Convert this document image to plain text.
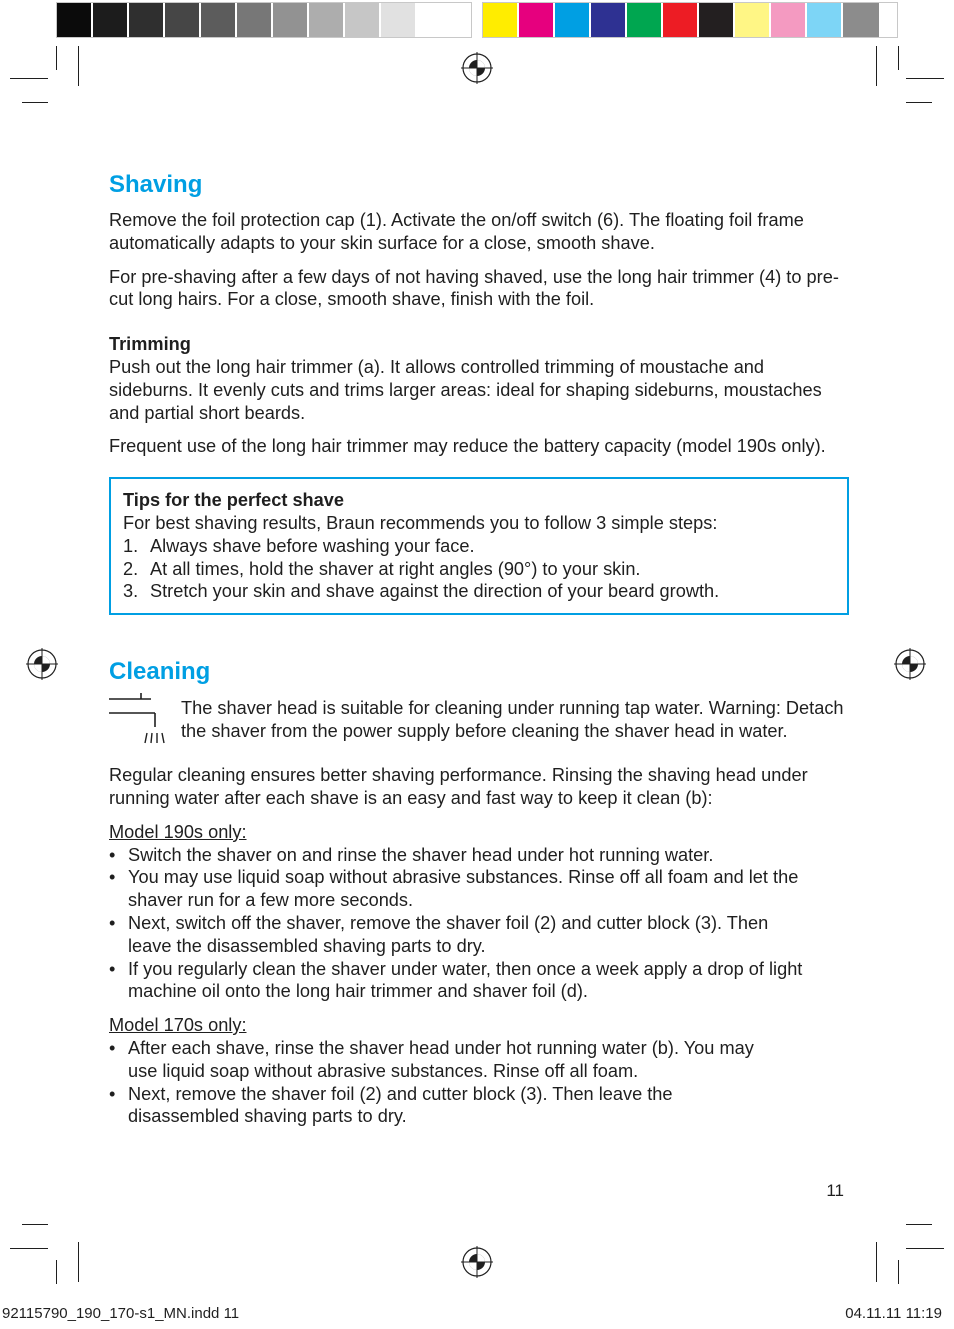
Shaving

Remove the foil protection cap (1). Activate the on/off switch (6). The floating foil frame automatically adapts to your skin surface for a close, smooth shave.

For pre-shaving after a few days of not having shaved, use the long hair trimmer (4) to pre-cut long hairs. For a close, smooth shave, finish with the foil.

Trimming

Push out the long hair trimmer (a). It allows controlled trimming of moustache and sideburns. It evenly cuts and trims larger areas: ideal for shaping sideburns, moustaches and partial short beards.

Frequent use of the long hair trimmer may reduce the battery capacity (model 190s only).

Tips for the perfect shave

For best shaving results, Braun recommends you to follow 3 simple steps:

1. Always shave before washing your face.
2. At all times, hold the shaver at right angles (90°) to your skin.
3. Stretch your skin and shave against the direction of your beard growth.
Cleaning

The shaver head is suitable for cleaning under running tap water. Warning: Detach the shaver from the power supply before cleaning the shaver head in water.

Regular cleaning ensures better shaving performance. Rinsing the shaving head under running water after each shave is an easy and fast way to keep it clean (b):

Model 190s only:

• Switch the shaver on and rinse the shaver head under hot running water.
• You may use liquid soap without abrasive substances. Rinse off all foam and let the shaver run for a few more seconds.
• Next, switch off the shaver, remove the shaver foil (2) and cutter block (3). Then leave the disassembled shaving parts to dry.
• If you regularly clean the shaver under water, then once a week apply a drop of light machine oil onto the long hair trimmer and shaver foil (d).

Model 170s only:

• After each shave, rinse the shaver head under hot running water (b). You may use liquid soap without abrasive substances. Rinse off all foam.
• Next, remove the shaver foil (2) and cutter block (3). Then leave the disassembled shaving parts to dry.
11
92115790_190_170-s1_MN.indd 11	04.11.11 11:19
